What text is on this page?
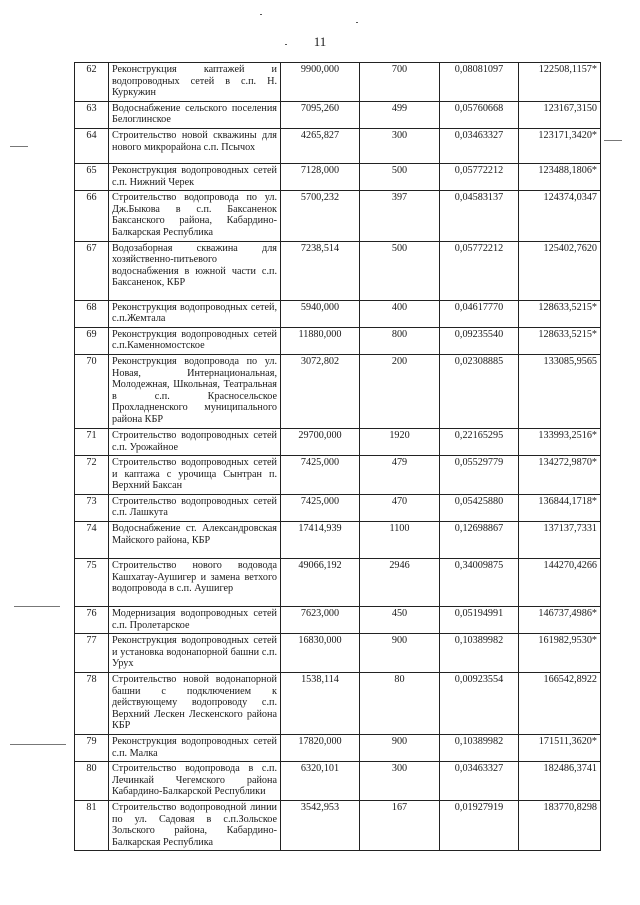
11
62	Реконструкция каптажей и водопроводных сетей в с.п. Н. Куркужин	9900,000	700	0,08081097	122508,1157*
63	Водоснабжение сельского поселения Белоглинское	7095,260	499	0,05760668	123167,3150
64	Строительство новой скважины для нового микрорайона с.п. Псычох	4265,827	300	0,03463327	123171,3420*
65	Реконструкция водопроводных сетей с.п. Нижний Черек	7128,000	500	0,05772212	123488,1806*
66	Строительство водопровода по ул. Дж.Быкова в с.п. Баксаненок Баксанского района, Кабардино-Балкарская Республика	5700,232	397	0,04583137	124374,0347
67	Водозаборная скважина для хозяйственно-питьевого водоснабжения в южной части с.п. Баксаненок, КБР	7238,514	500	0,05772212	125402,7620
68	Реконструкция водопроводных сетей, с.п.Жемтала	5940,000	400	0,04617770	128633,5215*
69	Реконструкция водопроводных сетей с.п.Каменномостское	11880,000	800	0,09235540	128633,5215*
70	Реконструкция водопровода по ул. Новая, Интернациональная, Молодежная, Школьная, Театральная в с.п. Красносельское Прохладненского муниципального района КБР	3072,802	200	0,02308885	133085,9565
71	Строительство водопроводных сетей с.п. Урожайное	29700,000	1920	0,22165295	133993,2516*
72	Строительство водопроводных сетей и каптажа с урочища Сынтран п. Верхний Баксан	7425,000	479	0,05529779	134272,9870*
73	Строительство водопроводных сетей с.п. Лашкута	7425,000	470	0,05425880	136844,1718*
74	Водоснабжение ст. Александровская Майского района, КБР	17414,939	1100	0,12698867	137137,7331
75	Строительство нового водовода Кашхатау-Аушигер и замена ветхого водопровода в с.п. Аушигер	49066,192	2946	0,34009875	144270,4266
76	Модернизация водопроводных сетей с.п. Пролетарское	7623,000	450	0,05194991	146737,4986*
77	Реконструкция водопроводных сетей и установка водонапорной башни с.п. Урух	16830,000	900	0,10389982	161982,9530*
78	Строительство новой водонапорной башни с подключением к действующему водопроводу с.п. Верхний Лескен Лескенского района КБР	1538,114	80	0,00923554	166542,8922
79	Реконструкция водопроводных сетей с.п. Малка	17820,000	900	0,10389982	171511,3620*
80	Строительство водопровода в с.п. Лечинкай Чегемского района Кабардино-Балкарской Республики	6320,101	300	0,03463327	182486,3741
81	Строительство водопроводной линии по ул. Садовая в с.п.Зольское Зольского района, Кабардино-Балкарская Республика	3542,953	167	0,01927919	183770,8298
